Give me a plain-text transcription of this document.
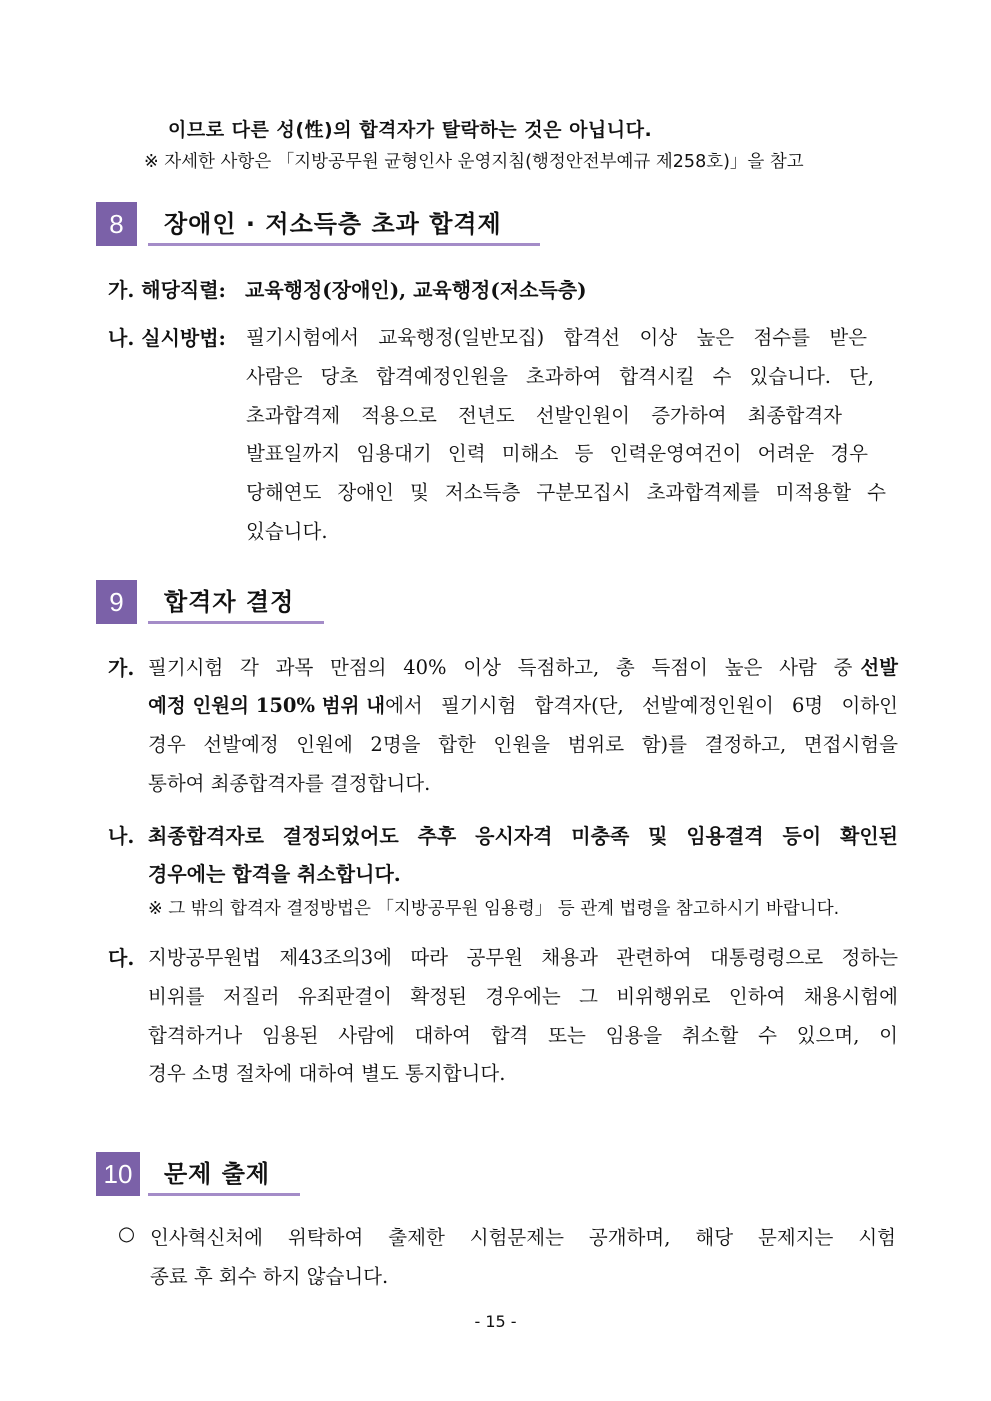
이므로 다른 성(性)의 합격자가 탈락하는 것은 아닙니다.
※ 자세한 사항은 「지방공무원 균형인사 운영지침(행정안전부예규 제258호)」을 참고
8	장애인 · 저소득층 초과 합격제
가. 해당직렬: 교육행정(장애인), 교육행정(저소득층)
나. 실시방법: 필기시험에서 교육행정(일반모집) 합격선 이상 높은 점수를 받은
사람은 당초 합격예정인원을 초과하여 합격시킬 수 있습니다. 단,
초과합격제 적용으로 전년도 선발인원이 증가하여 최종합격자
발표일까지 임용대기 인력 미해소 등 인력운영여건이 어려운 경우
당해연도 장애인 및 저소득층 구분모집시 초과합격제를 미적용할 수
있습니다.
9	합격자 결정
가. 필기시험 각 과목 만점의 40% 이상 득점하고, 총 득점이 높은 사람 중 선발
예정 인원의 150% 범위 내 에서 필기시험 합격자(단, 선발예정인원이 6명 이하인
경우 선발예정 인원에 2명을 합한 인원을 범위로 함)를 결정하고, 면접시험을
통하여 최종합격자를 결정합니다.
나. 최종합격자로 결정되었어도 추후 응시자격 미충족 및 임용결격 등이 확인된
경우에는 합격을 취소합니다.
※ 그 밖의 합격자 결정방법은 「지방공무원 임용령」 등 관계 법령을 참고하시기 바랍니다.
다. 지방공무원법 제43조의3에 따라 공무원 채용과 관련하여 대통령령으로 정하는
비위를 저질러 유죄판결이 확정된 경우에는 그 비위행위로 인하여 채용시험에
합격하거나 임용된 사람에 대하여 합격 또는 임용을 취소할 수 있으며, 이
경우 소명 절차에 대하여 별도 통지합니다.
10	문제 출제
○ 인사혁신처에 위탁하여 출제한 시험문제는 공개하며, 해당 문제지는 시험
종료 후 회수 하지 않습니다.
- 15 -
